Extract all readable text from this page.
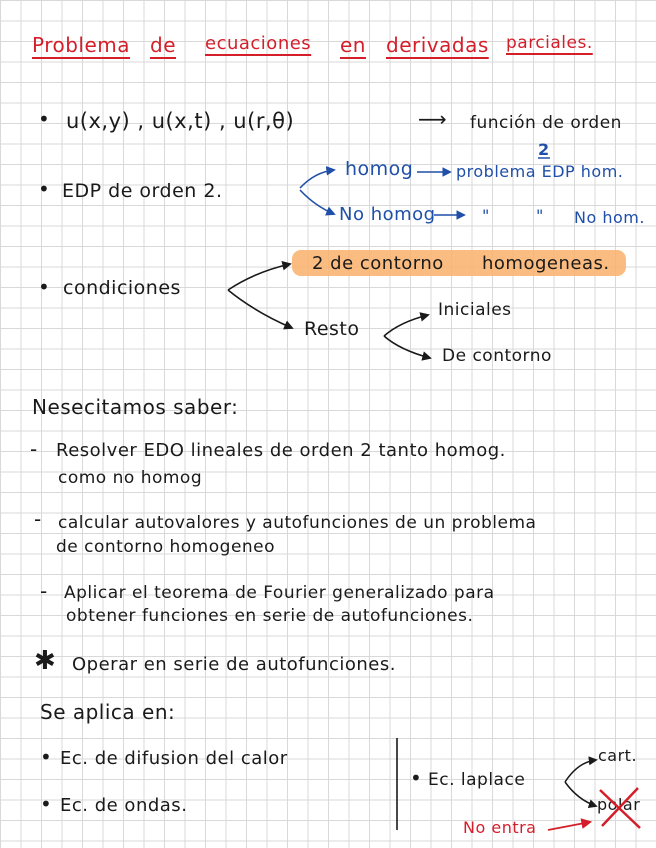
Problema de ecuaciones en derivadas parciales.
• u(x,y) , u(x,t) , u(r,θ)	⟶ función de orden
• EDP de orden 2.
homog	problema EDP hom.
2
No homog	"	" No hom.
• condiciones
2 de contorno homogeneas.
Resto
Iniciales
De contorno
Nesecitamos saber:
- Resolver EDO lineales de orden 2 tanto homog.
como no homog
- calcular autovalores y autofunciones de un problema
de contorno homogeneo
- Aplicar el teorema de Fourier generalizado para
obtener funciones en serie de autofunciones.
✱ Operar en serie de autofunciones.
Se aplica en:
• Ec. de difusion del calor
• Ec. de ondas.
• Ec. laplace
cart.
polar
No entra
